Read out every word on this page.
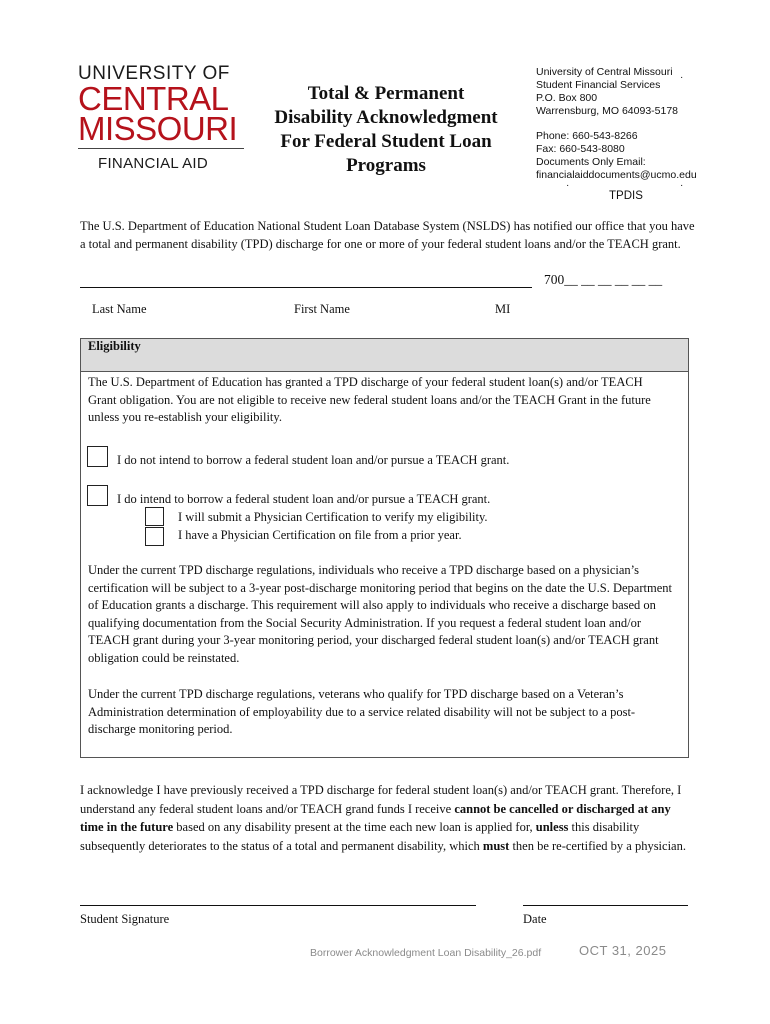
UNIVERSITY OF
CENTRAL
MISSOURI
FINANCIAL AID
Total & Permanent
Disability Acknowledgment
For Federal Student Loan
Programs
University of Central Missouri
Student Financial Services
P.O. Box 800
Warrensburg, MO 64093-5178
Phone: 660-543-8266
Fax: 660-543-8080
Documents Only Email:
financialaiddocuments@ucmo.edu
·	·
·
TPDIS
The U.S. Department of Education National Student Loan Database System (NSLDS) has notified our office that you have
a total and permanent disability (TPD) discharge for one or more of your federal student loans and/or the TEACH grant.
700__ __ __ __ __ __
Last Name	First Name	MI
Eligibility
The U.S. Department of Education has granted a TPD discharge of your federal student loan(s) and/or TEACH
Grant obligation. You are not eligible to receive new federal student loans and/or the TEACH Grant in the future
unless you re-establish your eligibility.
I do not intend to borrow a federal student loan and/or pursue a TEACH grant.
I do intend to borrow a federal student loan and/or pursue a TEACH grant.
I will submit a Physician Certification to verify my eligibility.
I have a Physician Certification on file from a prior year.
Under the current TPD discharge regulations, individuals who receive a TPD discharge based on a physician’s
certification will be subject to a 3-year post-discharge monitoring period that begins on the date the U.S. Department
of Education grants a discharge. This requirement will also apply to individuals who receive a discharge based on
qualifying documentation from the Social Security Administration. If you request a federal student loan and/or
TEACH grant during your 3-year monitoring period, your discharged federal student loan(s) and/or TEACH grant
obligation could be reinstated.
Under the current TPD discharge regulations, veterans who qualify for TPD discharge based on a Veteran’s
Administration determination of employability due to a service related disability will not be subject to a post-
discharge monitoring period.
I acknowledge I have previously received a TPD discharge for federal student loan(s) and/or TEACH grant. Therefore, I
understand any federal student loans and/or TEACH grand funds I receive cannot be cancelled or discharged at any
time in the future based on any disability present at the time each new loan is applied for, unless this disability
subsequently deteriorates to the status of a total and permanent disability, which must then be re-certified by a physician.
Student Signature	Date
Borrower Acknowledgment Loan Disability_26.pdf	OCT 31, 2025
